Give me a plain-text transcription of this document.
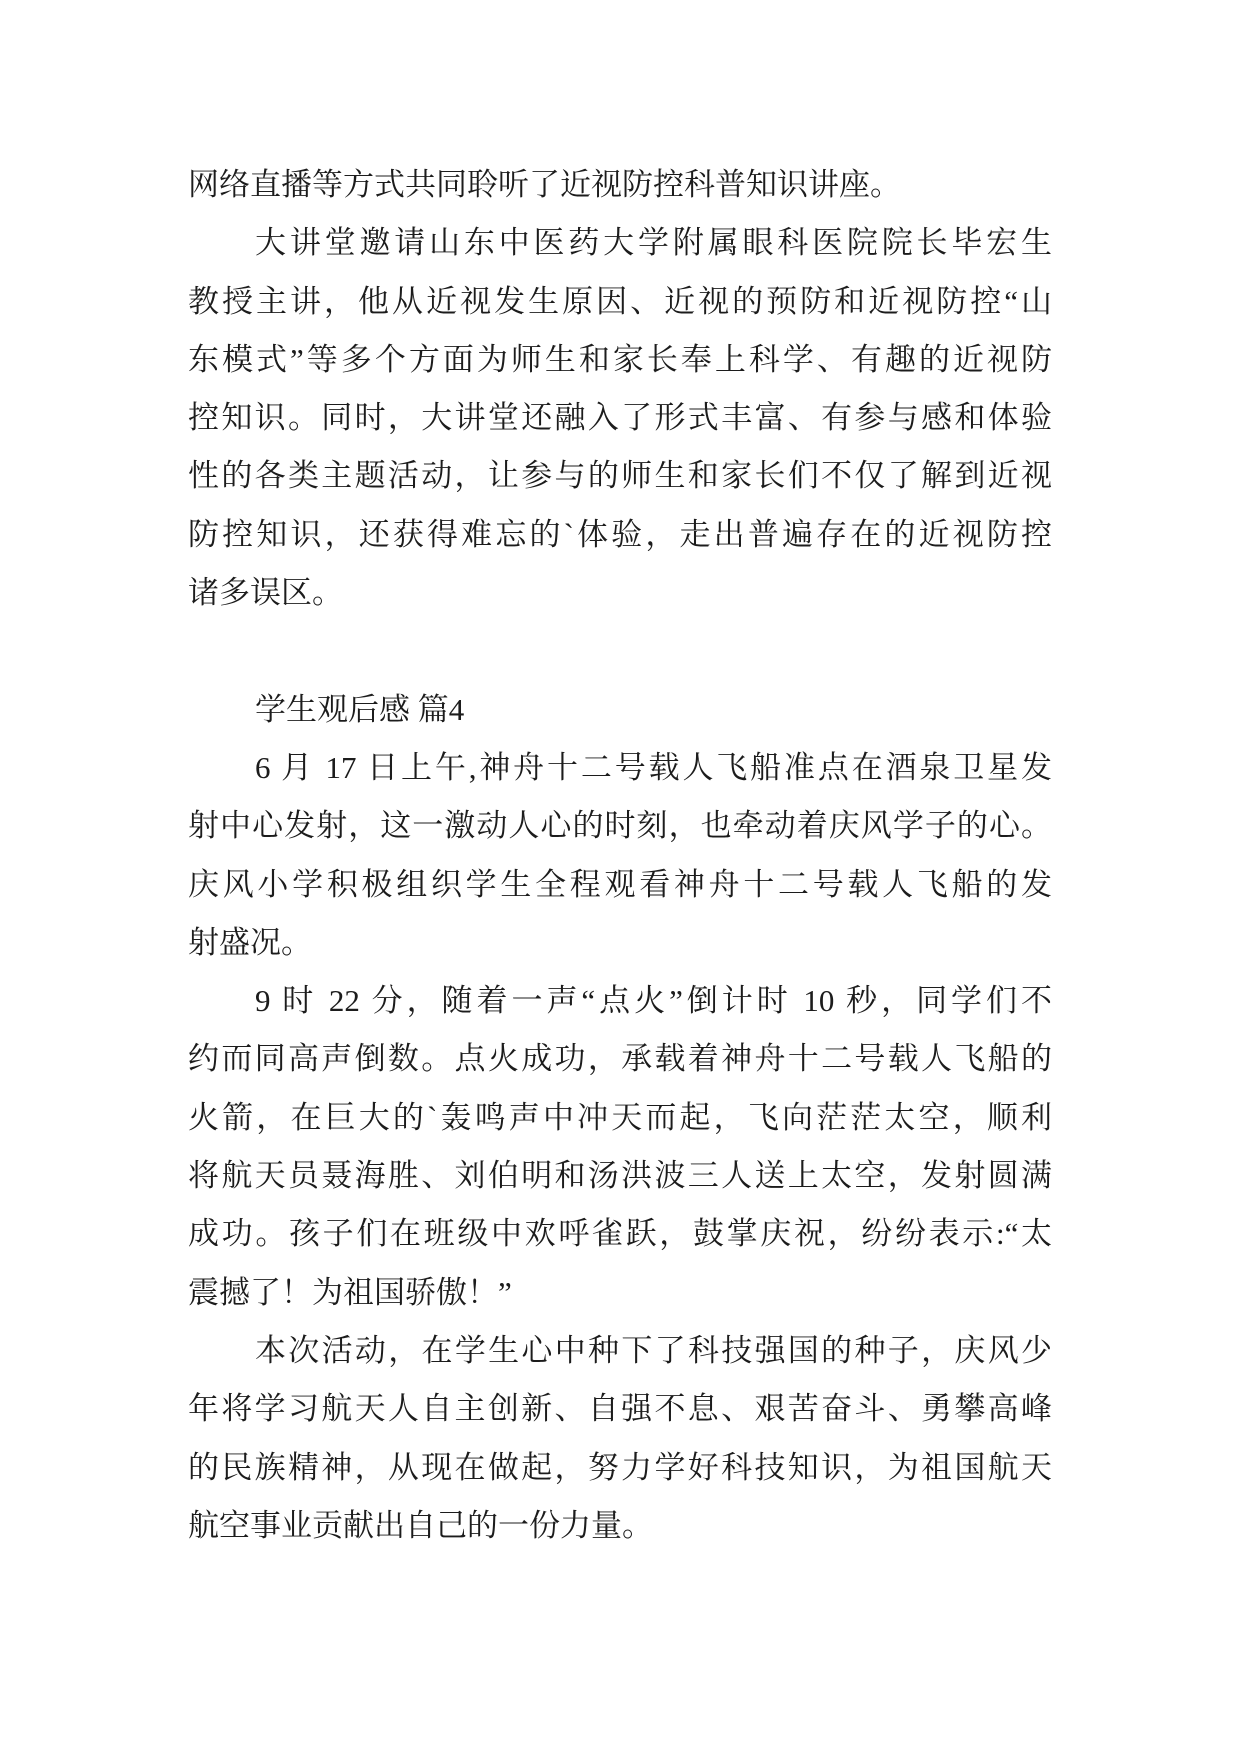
网络直播等方式共同聆听了近视防控科普知识讲座。
大讲堂邀请山东中医药大学附属眼科医院院长毕宏生
教授主讲，他从近视发生原因、近视的预防和近视防控“山
东模式”等多个方面为师生和家长奉上科学、有趣的近视防
控知识。同时，大讲堂还融入了形式丰富、有参与感和体验
性的各类主题活动，让参与的师生和家长们不仅了解到近视
防控知识，还获得难忘的`体验，走出普遍存在的近视防控
诸多误区。
学生观后感 篇4
6 月 17 日上午,神舟十二号载人飞船准点在酒泉卫星发
射中心发射，这一激动人心的时刻，也牵动着庆风学子的心。
庆风小学积极组织学生全程观看神舟十二号载人飞船的发
射盛况。
9 时 22 分，随着一声“点火”倒计时 10 秒，同学们不
约而同高声倒数。点火成功，承载着神舟十二号载人飞船的
火箭，在巨大的`轰鸣声中冲天而起，飞向茫茫太空，顺利
将航天员聂海胜、刘伯明和汤洪波三人送上太空，发射圆满
成功。孩子们在班级中欢呼雀跃，鼓掌庆祝，纷纷表示:“太
震撼了！为祖国骄傲！”
本次活动，在学生心中种下了科技强国的种子，庆风少
年将学习航天人自主创新、自强不息、艰苦奋斗、勇攀高峰
的民族精神，从现在做起，努力学好科技知识，为祖国航天
航空事业贡献出自己的一份力量。
